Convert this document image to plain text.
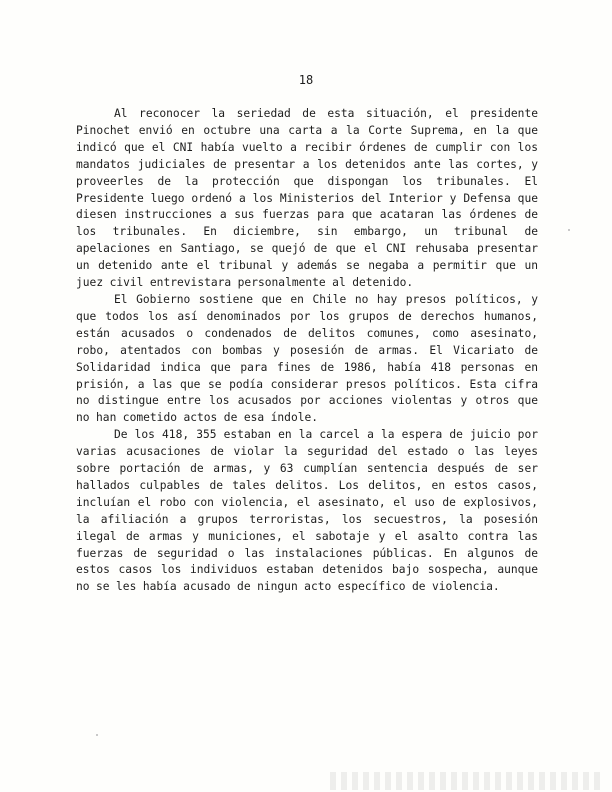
18

Al reconocer la seriedad de esta situación, el presidente Pinochet envió en octubre una carta a la Corte Suprema, en la que indicó que el CNI había vuelto a recibir órdenes de cumplir con los mandatos judiciales de presentar a los detenidos ante las cortes, y proveerles de la protección que dispongan los tribunales. El Presidente luego ordenó a los Ministerios del Interior y Defensa que diesen instrucciones a sus fuerzas para que acataran las órdenes de los tribunales. En diciembre, sin embargo, un tribunal de apelaciones en Santiago, se quejó de que el CNI rehusaba presentar un detenido ante el tribunal y además se negaba a permitir que un juez civil entrevistara personalmente al detenido.

El Gobierno sostiene que en Chile no hay presos políticos, y que todos los así denominados por los grupos de derechos humanos, están acusados o condenados de delitos comunes, como asesinato, robo, atentados con bombas y posesión de armas. El Vicariato de Solidaridad indica que para fines de 1986, había 418 personas en prisión, a las que se podía considerar presos políticos. Esta cifra no distingue entre los acusados por acciones violentas y otros que no han cometido actos de esa índole.

De los 418, 355 estaban en la carcel a la espera de juicio por varias acusaciones de violar la seguridad del estado o las leyes sobre portación de armas, y 63 cumplían sentencia después de ser hallados culpables de tales delitos. Los delitos, en estos casos, incluían el robo con violencia, el asesinato, el uso de explosivos, la afiliación a grupos terroristas, los secuestros, la posesión ilegal de armas y municiones, el sabotaje y el asalto contra las fuerzas de seguridad o las instalaciones públicas. En algunos de estos casos los individuos estaban detenidos bajo sospecha, aunque no se les había acusado de ningun acto específico de violencia.
